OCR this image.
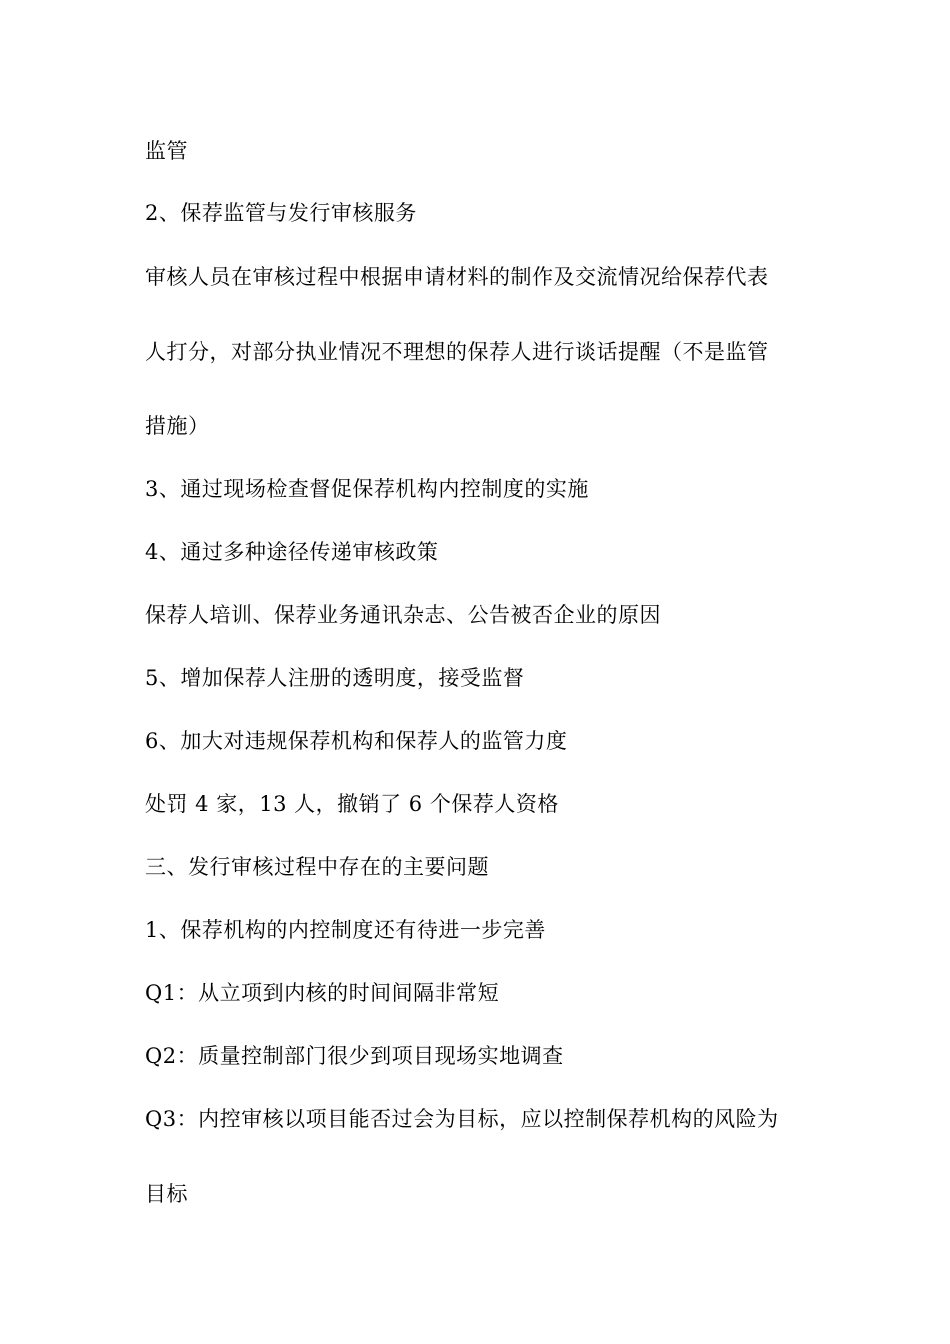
监管
2、保荐监管与发行审核服务
审核人员在审核过程中根据申请材料的制作及交流情况给保荐代表
人打分，对部分执业情况不理想的保荐人进行谈话提醒（不是监管
措施）
3、通过现场检查督促保荐机构内控制度的实施
4、通过多种途径传递审核政策
保荐人培训、保荐业务通讯杂志、公告被否企业的原因
5、增加保荐人注册的透明度，接受监督
6、加大对违规保荐机构和保荐人的监管力度
处罚 4 家，13 人，撤销了 6 个保荐人资格
三、发行审核过程中存在的主要问题
1、保荐机构的内控制度还有待进一步完善
Q1：从立项到内核的时间间隔非常短
Q2：质量控制部门很少到项目现场实地调查
Q3：内控审核以项目能否过会为目标，应以控制保荐机构的风险为
目标
